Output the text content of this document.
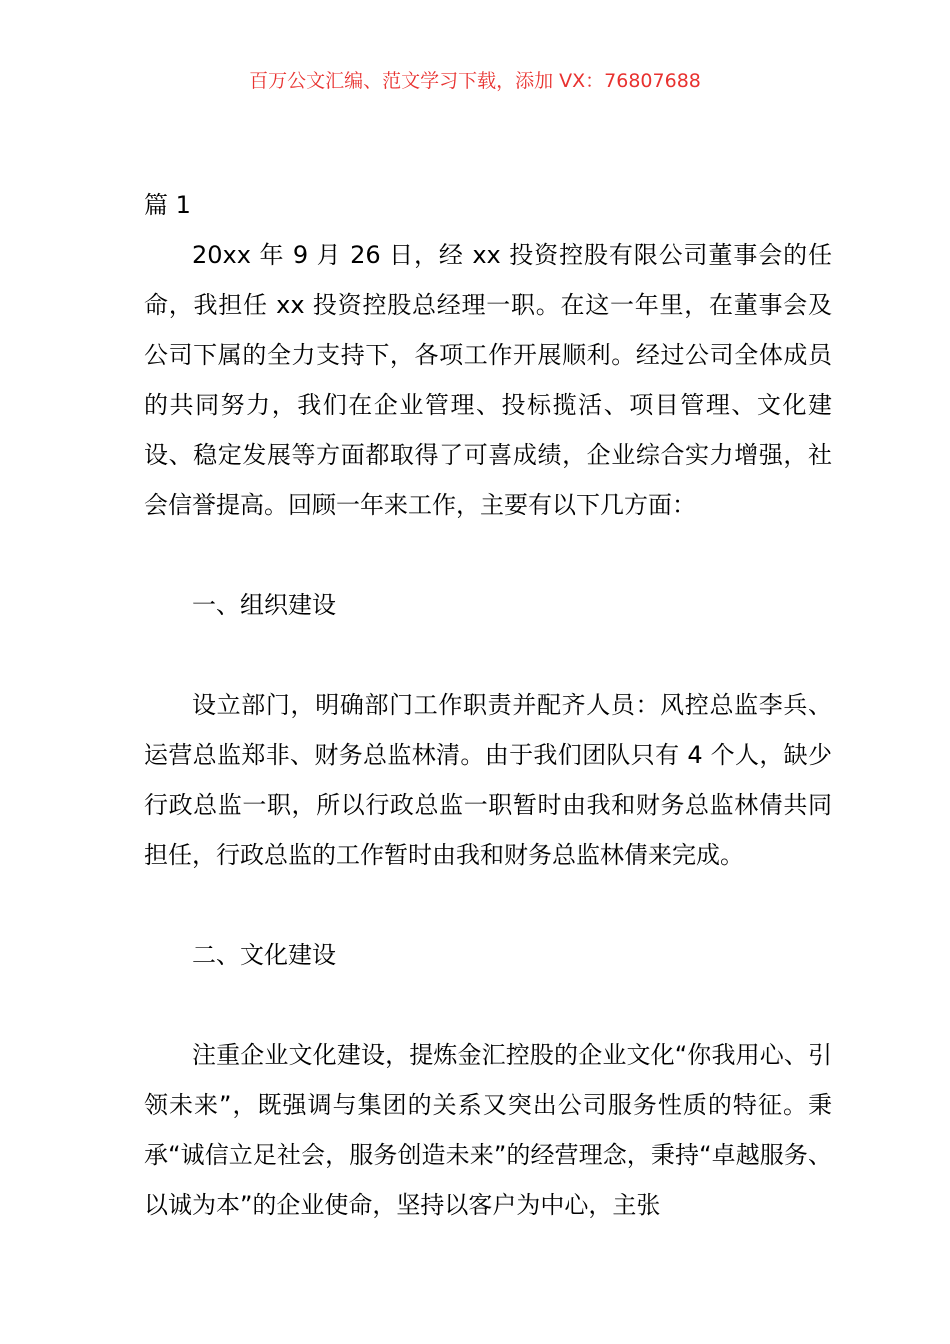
百万公文汇编、范文学习下载，添加 VX：76807688

篇 1

20xx 年 9 月 26 日，经 xx 投资控股有限公司董事会的任命，我担任 xx 投资控股总经理一职。在这一年里，在董事会及公司下属的全力支持下，各项工作开展顺利。经过公司全体成员的共同努力，我们在企业管理、投标揽活、项目管理、文化建设、稳定发展等方面都取得了可喜成绩，企业综合实力增强，社会信誉提高。回顾一年来工作，主要有以下几方面：

一、组织建设

设立部门，明确部门工作职责并配齐人员：风控总监李兵、运营总监郑非、财务总监林清。由于我们团队只有 4 个人，缺少行政总监一职，所以行政总监一职暂时由我和财务总监林倩共同担任，行政总监的工作暂时由我和财务总监林倩来完成。

二、文化建设

注重企业文化建设，提炼金汇控股的企业文化“你我用心、引领未来”，既强调与集团的关系又突出公司服务性质的特征。秉承“诚信立足社会，服务创造未来”的经营理念，秉持“卓越服务、以诚为本”的企业使命，坚持以客户为中心，主张
